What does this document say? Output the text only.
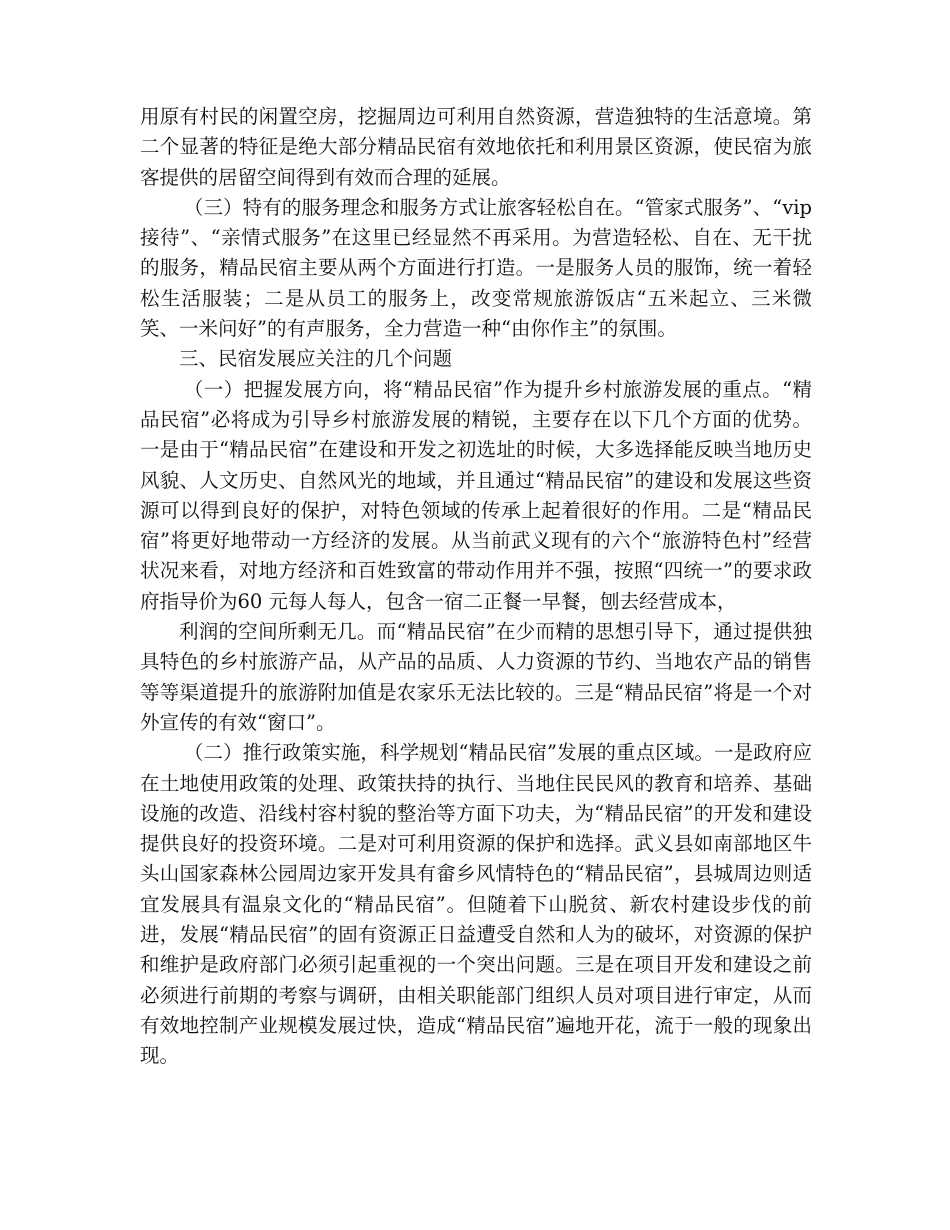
用原有村民的闲置空房，挖掘周边可利用自然资源，营造独特的生活意境。第二个显著的特征是绝大部分精品民宿有效地依托和利用景区资源，使民宿为旅客提供的居留空间得到有效而合理的延展。

（三）特有的服务理念和服务方式让旅客轻松自在。“管家式服务”、“vip 接待”、“亲情式服务”在这里已经显然不再采用。为营造轻松、自在、无干扰的服务，精品民宿主要从两个方面进行打造。一是服务人员的服饰，统一着轻松生活服装；二是从员工的服务上，改变常规旅游饭店“五米起立、三米微笑、一米问好”的有声服务，全力营造一种“由你作主”的氛围。

三、民宿发展应关注的几个问题

（一）把握发展方向，将“精品民宿”作为提升乡村旅游发展的重点。“精品民宿”必将成为引导乡村旅游发展的精锐，主要存在以下几个方面的优势。一是由于“精品民宿”在建设和开发之初选址的时候，大多选择能反映当地历史风貌、人文历史、自然风光的地域，并且通过“精品民宿”的建设和发展这些资源可以得到良好的保护，对特色领域的传承上起着很好的作用。二是“精品民宿”将更好地带动一方经济的发展。从当前武义现有的六个“旅游特色村”经营状况来看，对地方经济和百姓致富的带动作用并不强，按照“四统一”的要求政府指导价为60 元每人每人，包含一宿二正餐一早餐，刨去经营成本，

利润的空间所剩无几。而“精品民宿”在少而精的思想引导下，通过提供独具特色的乡村旅游产品，从产品的品质、人力资源的节约、当地农产品的销售等等渠道提升的旅游附加值是农家乐无法比较的。三是“精品民宿”将是一个对外宣传的有效“窗口”。

（二）推行政策实施，科学规划“精品民宿”发展的重点区域。一是政府应在土地使用政策的处理、政策扶持的执行、当地住民民风的教育和培养、基础设施的改造、沿线村容村貌的整治等方面下功夫，为“精品民宿”的开发和建设提供良好的投资环境。二是对可利用资源的保护和选择。武义县如南部地区牛头山国家森林公园周边家开发具有畲乡风情特色的“精品民宿”，县城周边则适宜发展具有温泉文化的“精品民宿”。但随着下山脱贫、新农村建设步伐的前进，发展“精品民宿”的固有资源正日益遭受自然和人为的破坏，对资源的保护和维护是政府部门必须引起重视的一个突出问题。三是在项目开发和建设之前必须进行前期的考察与调研，由相关职能部门组织人员对项目进行审定，从而有效地控制产业规模发展过快，造成“精品民宿”遍地开花，流于一般的现象出现。
